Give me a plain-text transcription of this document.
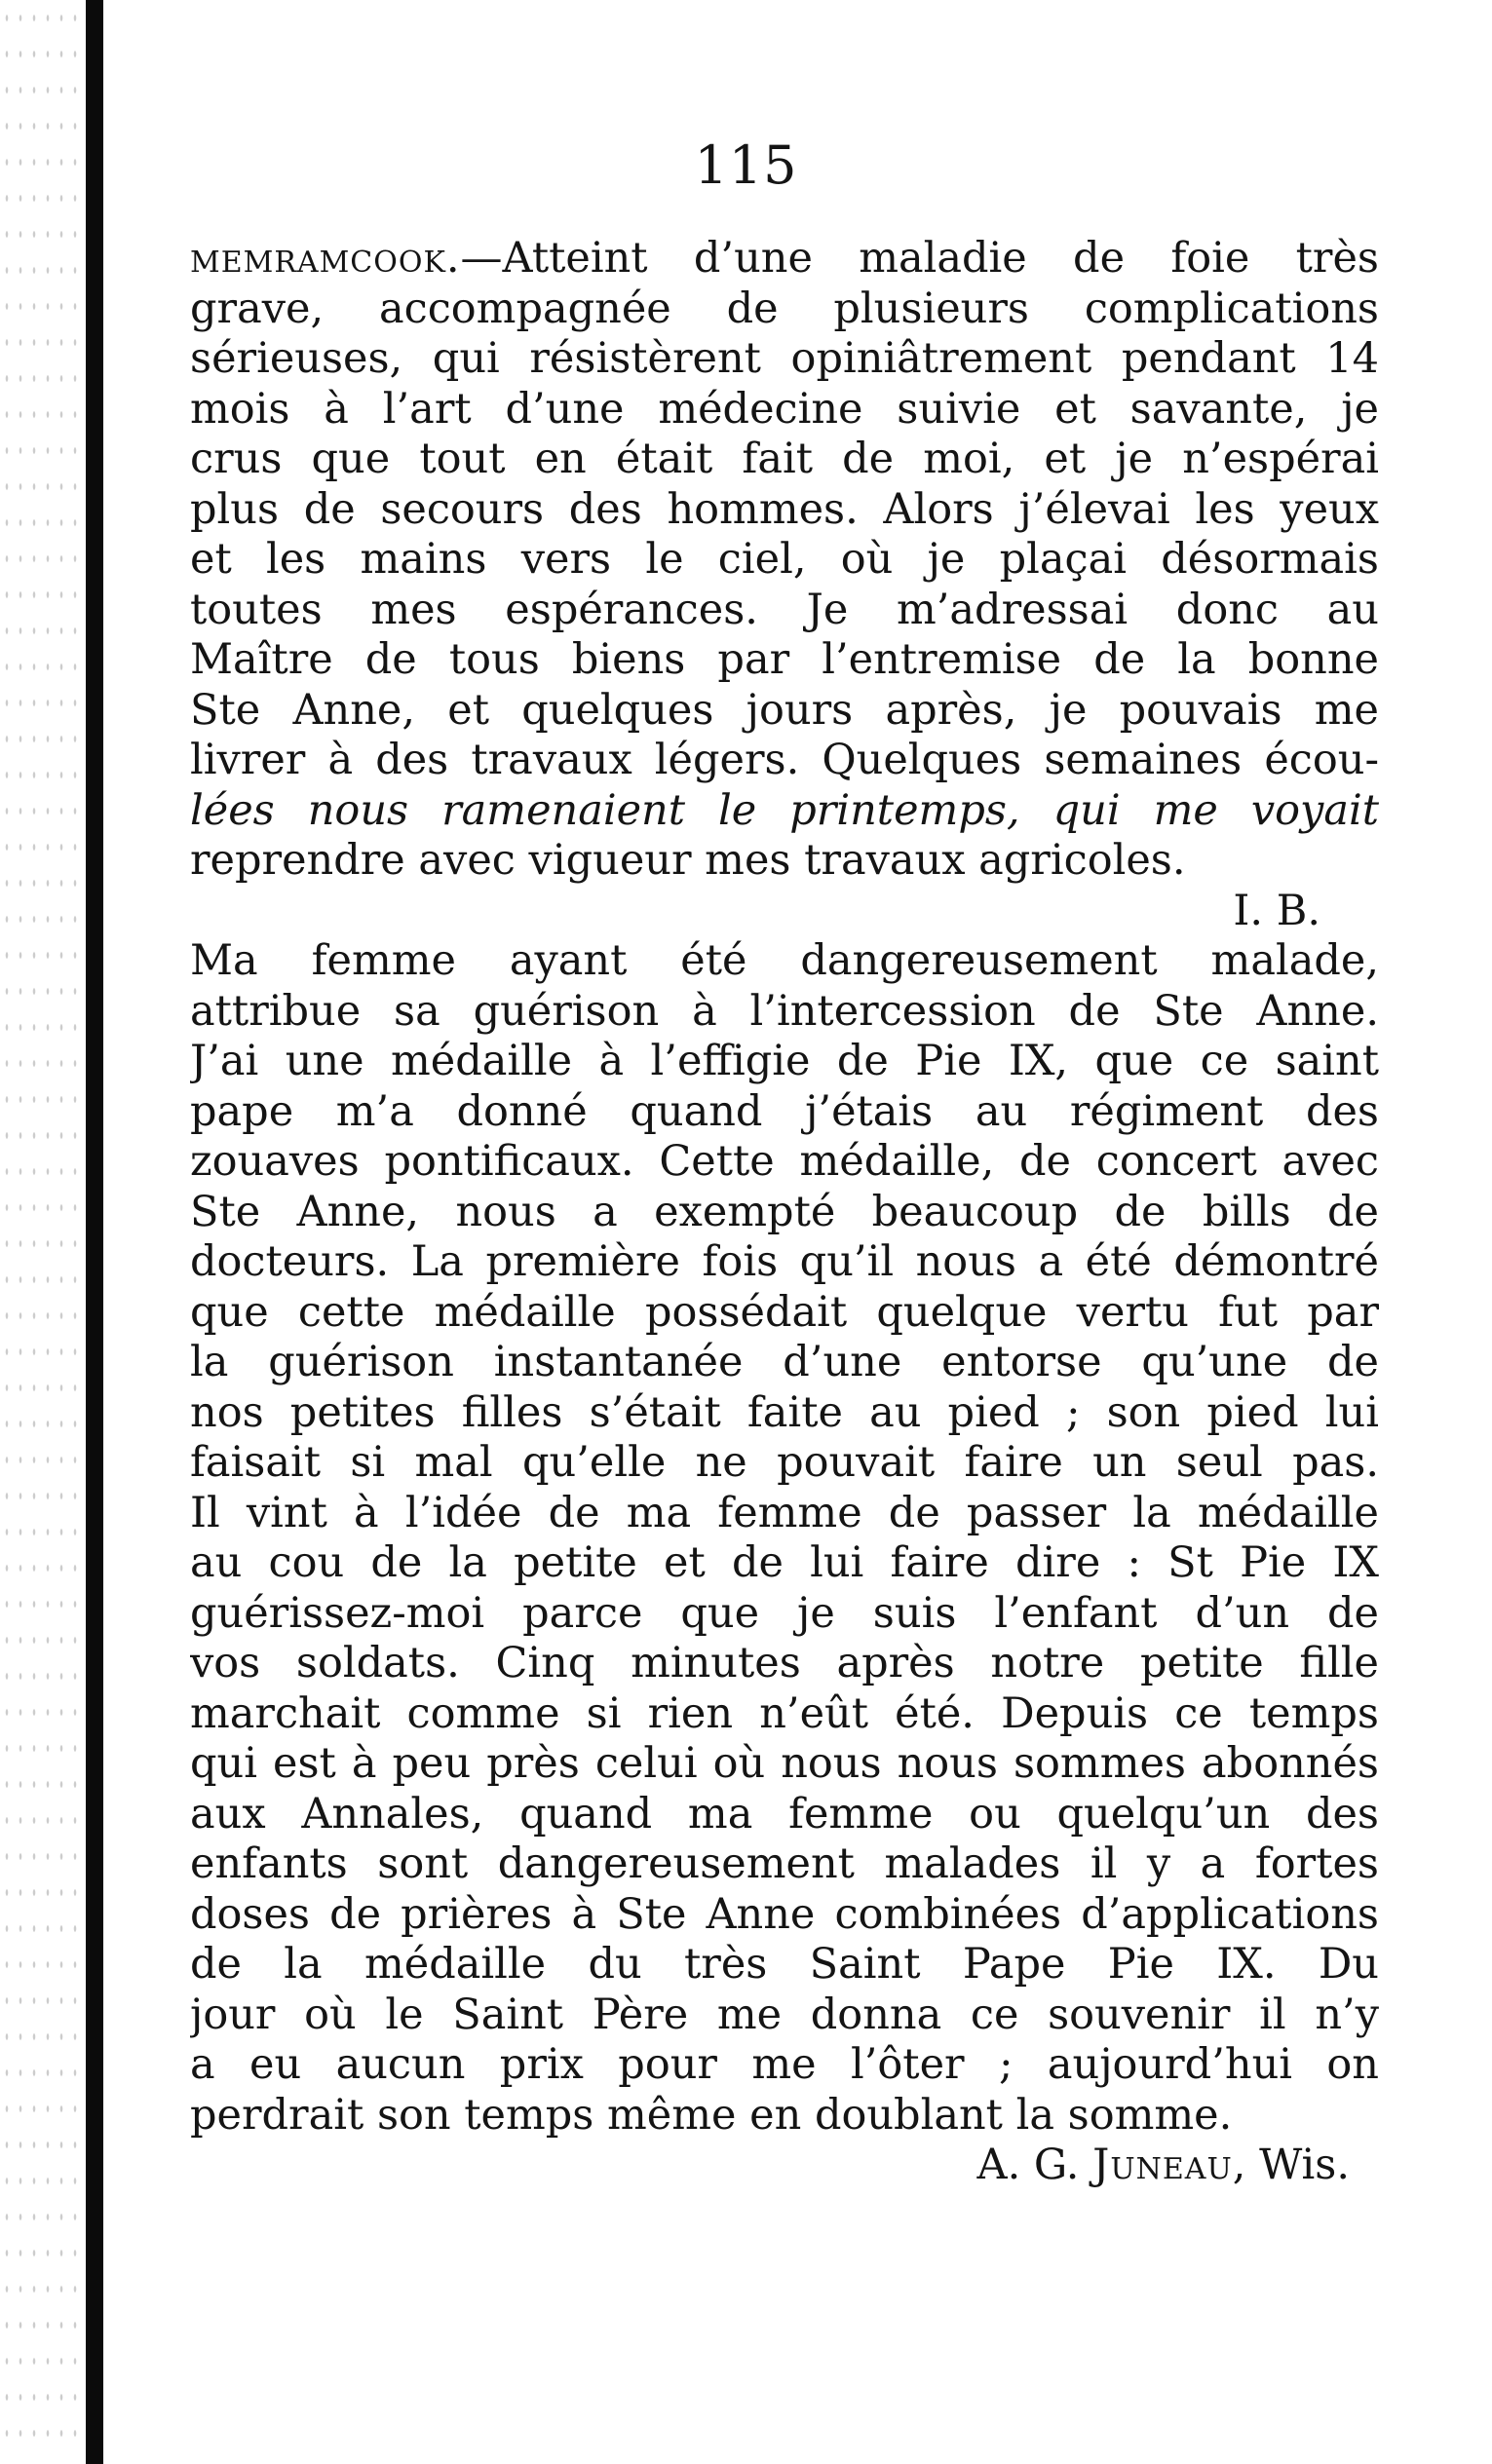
115
memramcook.—Atteint d’une maladie de foie très
grave, accompagnée de plusieurs complications
sérieuses, qui résistèrent opiniâtrement pendant 14
mois à l’art d’une médecine suivie et savante, je
crus que tout en était fait de moi, et je n’espérai
plus de secours des hommes. Alors j’élevai les yeux
et les mains vers le ciel, où je plaçai désormais
toutes mes espérances. Je m’adressai donc au
Maître de tous biens par l’entremise de la bonne
Ste Anne, et quelques jours après, je pouvais me
livrer à des travaux légers. Quelques semaines écou-
lées nous ramenaient le printemps, qui me voyait
reprendre avec vigueur mes travaux agricoles.
I. B.
Ma femme ayant été dangereusement malade,
attribue sa guérison à l’intercession de Ste Anne.
J’ai une médaille à l’effigie de Pie IX, que ce saint
pape m’a donné quand j’étais au régiment des
zouaves pontificaux. Cette médaille, de concert avec
Ste Anne, nous a exempté beaucoup de bills de
docteurs. La première fois qu’il nous a été démontré
que cette médaille possédait quelque vertu fut par
la guérison instantanée d’une entorse qu’une de
nos petites filles s’était faite au pied ; son pied lui
faisait si mal qu’elle ne pouvait faire un seul pas.
Il vint à l’idée de ma femme de passer la médaille
au cou de la petite et de lui faire dire : St Pie IX
guérissez-moi parce que je suis l’enfant d’un de
vos soldats. Cinq minutes après notre petite fille
marchait comme si rien n’eût été. Depuis ce temps
qui est à peu près celui où nous nous sommes abonnés
aux Annales, quand ma femme ou quelqu’un des
enfants sont dangereusement malades il y a fortes
doses de prières à Ste Anne combinées d’applications
de la médaille du très Saint Pape Pie IX. Du
jour où le Saint Père me donna ce souvenir il n’y
a eu aucun prix pour me l’ôter ; aujourd’hui on
perdrait son temps même en doublant la somme.
A. G. Juneau, Wis.
